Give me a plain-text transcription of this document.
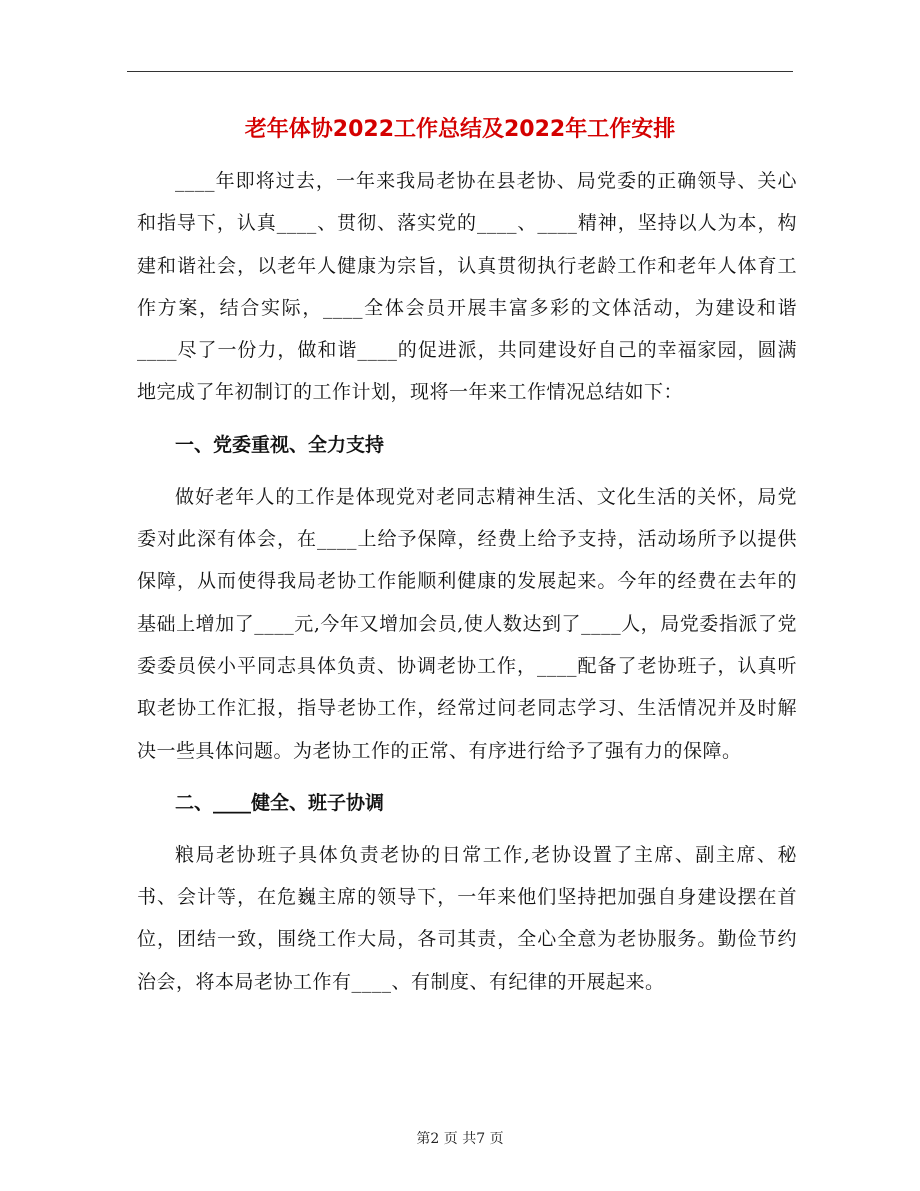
老年体协2022工作总结及2022年工作安排

____年即将过去，一年来我局老协在县老协、局党委的正确领导、关心和指导下，认真____、贯彻、落实党的____、____精神，坚持以人为本，构建和谐社会，以老年人健康为宗旨，认真贯彻执行老龄工作和老年人体育工作方案，结合实际，____全体会员开展丰富多彩的文体活动，为建设和谐____尽了一份力，做和谐____的促进派，共同建设好自己的幸福家园，圆满地完成了年初制订的工作计划，现将一年来工作情况总结如下：

一、党委重视、全力支持

做好老年人的工作是体现党对老同志精神生活、文化生活的关怀，局党委对此深有体会，在____上给予保障，经费上给予支持，活动场所予以提供保障，从而使得我局老协工作能顺利健康的发展起来。今年的经费在去年的基础上增加了____元,今年又增加会员,使人数达到了____人，局党委指派了党委委员侯小平同志具体负责、协调老协工作，____配备了老协班子，认真听取老协工作汇报，指导老协工作，经常过问老同志学习、生活情况并及时解决一些具体问题。为老协工作的正常、有序进行给予了强有力的保障。

二、____健全、班子协调

粮局老协班子具体负责老协的日常工作,老协设置了主席、副主席、秘书、会计等，在危巍主席的领导下，一年来他们坚持把加强自身建设摆在首位，团结一致，围绕工作大局，各司其责，全心全意为老协服务。勤俭节约治会，将本局老协工作有____、有制度、有纪律的开展起来。

第2 页 共7 页
